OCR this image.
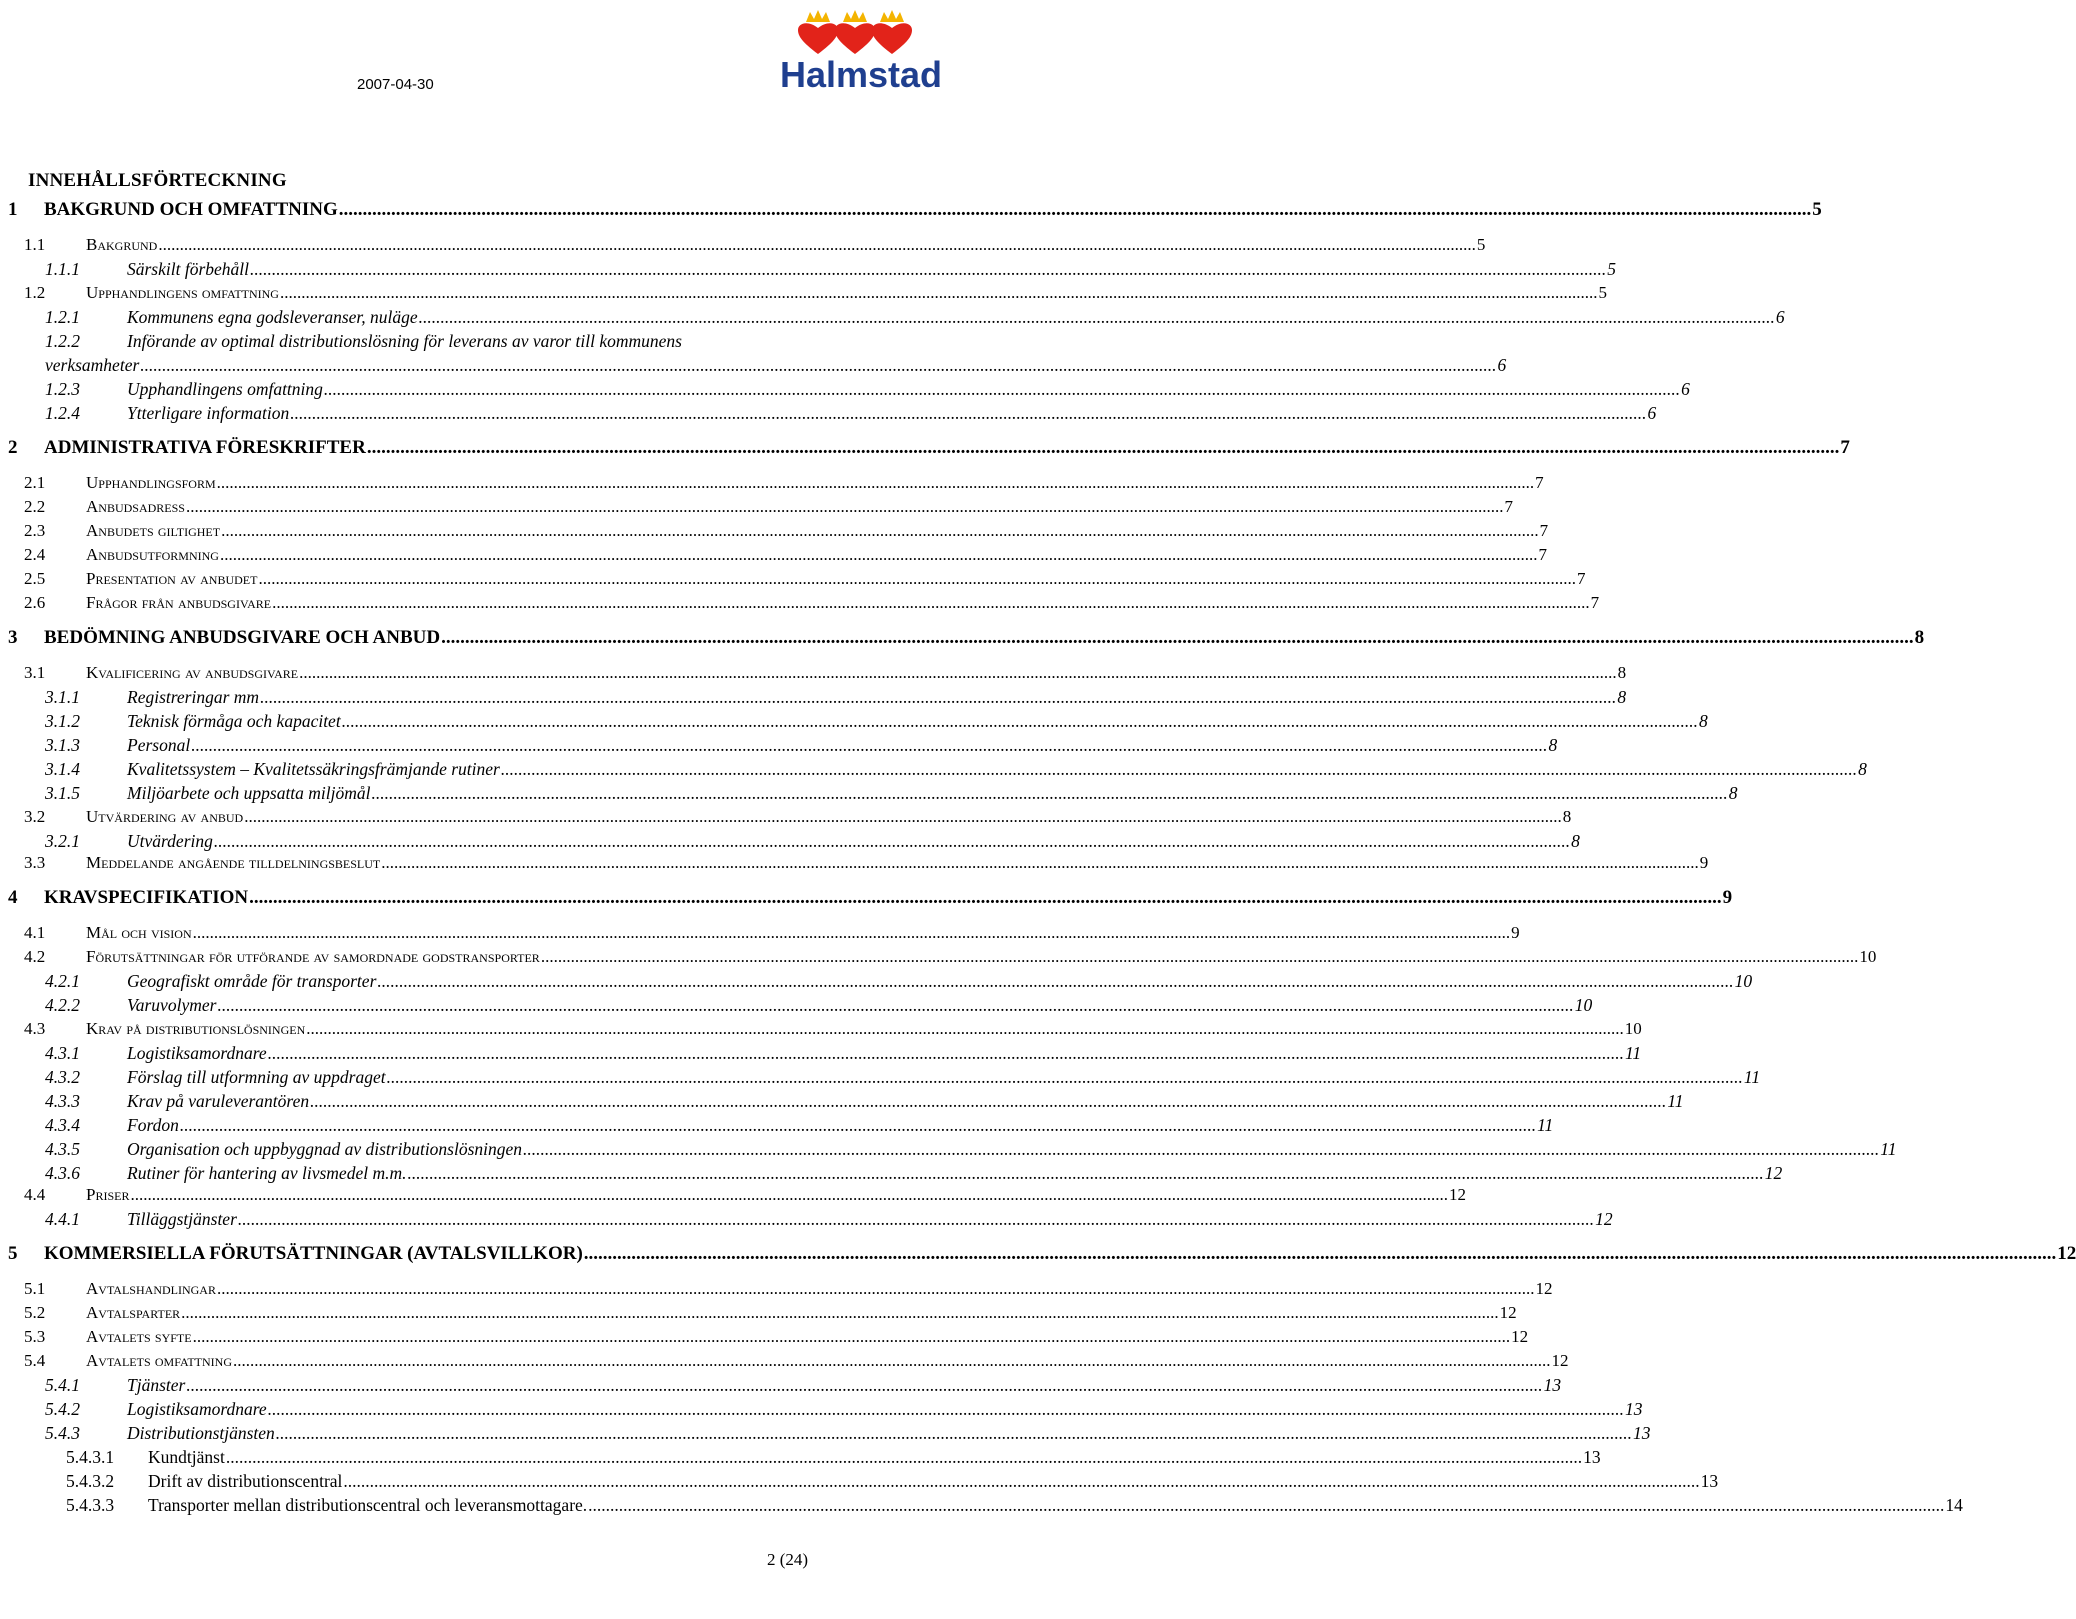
2007-04-30	Halmstad
INNEHÅLLSFÖRTECKNING
1	BAKGRUND OCH OMFATTNING .....	5
1.1	Bakgrund .....	5
1.1.1	Särskilt förbehåll .....	5
1.2	Upphandlingens omfattning .....	5
1.2.1	Kommunens egna godsleveranser, nuläge .....	6
1.2.2	Införande av optimal distributionslösning för leverans av varor till kommunens
verksamheter .....	6
1.2.3	Upphandlingens omfattning .....	6
1.2.4	Ytterligare information .....	6
2	ADMINISTRATIVA FÖRESKRIFTER .....	7
2.1	Upphandlingsform .....	7
2.2	Anbudsadress .....	7
2.3	Anbudets giltighet .....	7
2.4	Anbudsutformning .....	7
2.5	Presentation av anbudet .....	7
2.6	Frågor från anbudsgivare .....	7
3	BEDÖMNING ANBUDSGIVARE OCH ANBUD .....	8
3.1	Kvalificering av anbudsgivare .....	8
3.1.1	Registreringar mm .....	8
3.1.2	Teknisk förmåga och kapacitet .....	8
3.1.3	Personal .....	8
3.1.4	Kvalitetssystem – Kvalitetssäkringsfrämjande rutiner .....	8
3.1.5	Miljöarbete och uppsatta miljömål .....	8
3.2	Utvärdering av anbud .....	8
3.2.1	Utvärdering .....	8
3.3	Meddelande angående tilldelningsbeslut .....	9
4	KRAVSPECIFIKATION .....	9
4.1	Mål och vision .....	9
4.2	Förutsättningar för utförande av samordnade godstransporter .....	10
4.2.1	Geografiskt område för transporter .....	10
4.2.2	Varuvolymer .....	10
4.3	Krav på distributionslösningen .....	10
4.3.1	Logistiksamordnare .....	11
4.3.2	Förslag till utformning av uppdraget .....	11
4.3.3	Krav på varuleverantören .....	11
4.3.4	Fordon .....	11
4.3.5	Organisation och uppbyggnad av distributionslösningen .....	11
4.3.6	Rutiner för hantering av livsmedel m.m. .....	12
4.4	Priser .....	12
4.4.1	Tilläggstjänster .....	12
5	KOMMERSIELLA FÖRUTSÄTTNINGAR (AVTALSVILLKOR) .....	12
5.1	Avtalshandlingar .....	12
5.2	Avtalsparter .....	12
5.3	Avtalets syfte .....	12
5.4	Avtalets omfattning .....	12
5.4.1	Tjänster .....	13
5.4.2	Logistiksamordnare .....	13
5.4.3	Distributionstjänsten .....	13
5.4.3.1	Kundtjänst .....	13
5.4.3.2	Drift av distributionscentral .....	13
5.4.3.3	Transporter mellan distributionscentral och leveransmottagare. .....	14
2 (24)
